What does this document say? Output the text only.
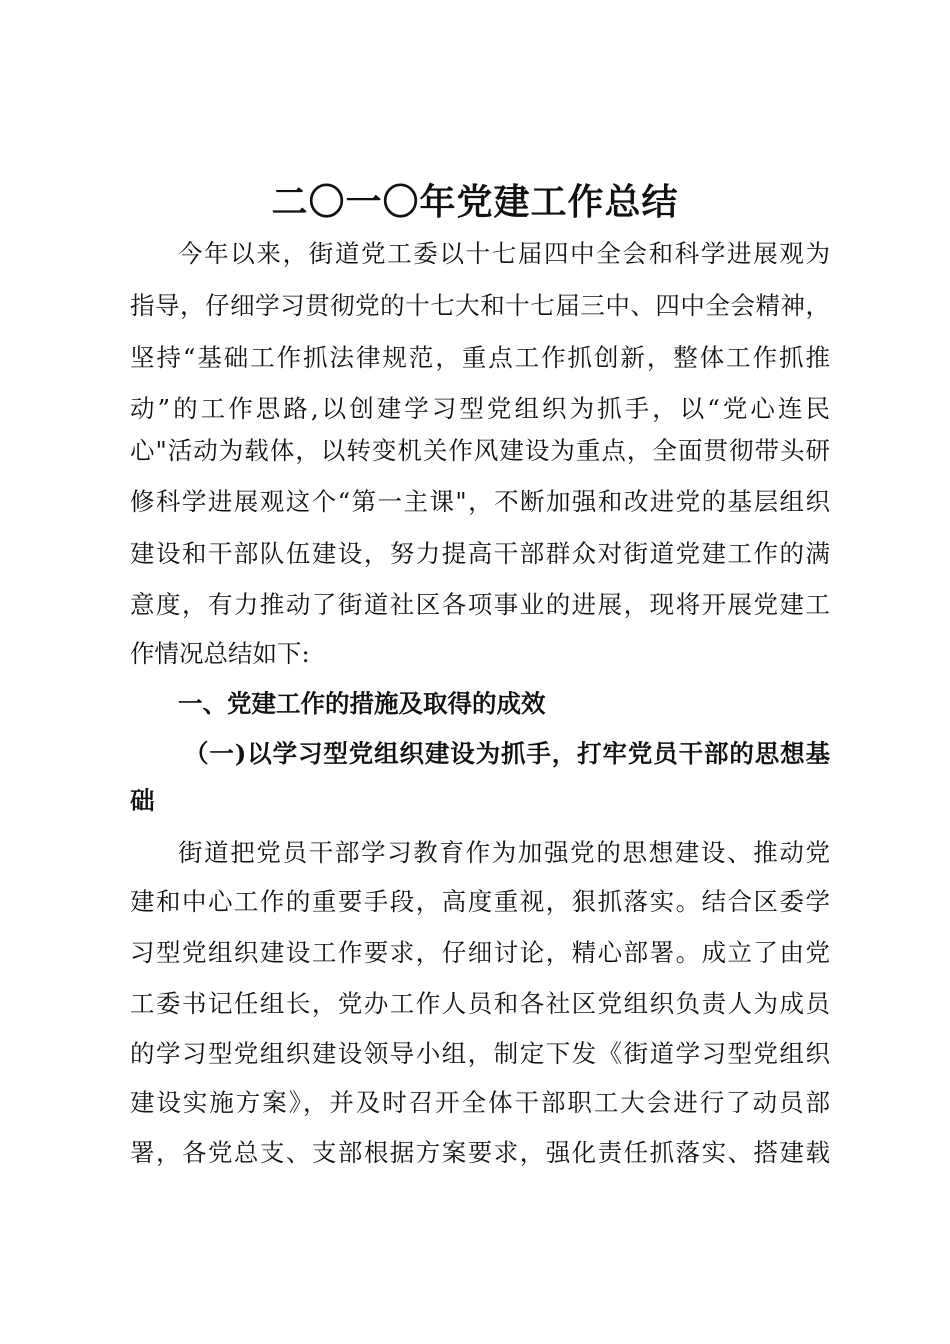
二〇一〇年党建工作总结
今年以来，街道党工委以十七届四中全会和科学进展观为
指导，仔细学习贯彻党的十七大和十七届三中、四中全会精神，
坚持“基础工作抓法律规范，重点工作抓创新，整体工作抓推
动”的工作思路,以创建学习型党组织为抓手，以“党心连民
心"活动为载体，以转变机关作风建设为重点，全面贯彻带头研
修科学进展观这个“第一主课"，不断加强和改进党的基层组织
建设和干部队伍建设，努力提高干部群众对街道党建工作的满
意度，有力推动了街道社区各项事业的进展，现将开展党建工
作情况总结如下:
一、党建工作的措施及取得的成效
（一)以学习型党组织建设为抓手，打牢党员干部的思想基
础
街道把党员干部学习教育作为加强党的思想建设、推动党
建和中心工作的重要手段，高度重视，狠抓落实。结合区委学
习型党组织建设工作要求，仔细讨论，精心部署。成立了由党
工委书记任组长，党办工作人员和各社区党组织负责人为成员
的学习型党组织建设领导小组，制定下发《街道学习型党组织
建设实施方案》，并及时召开全体干部职工大会进行了动员部
署，各党总支、支部根据方案要求，强化责任抓落实、搭建载
